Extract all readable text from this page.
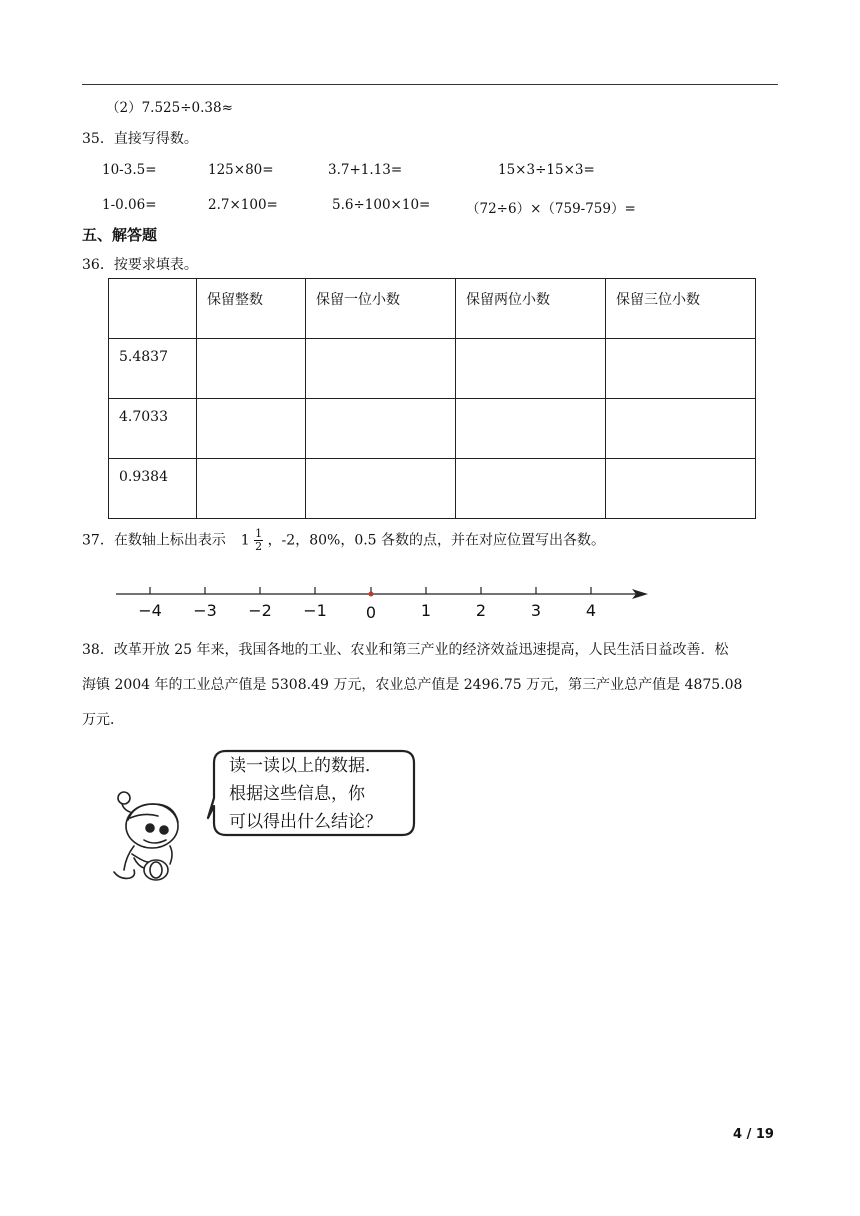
（2）7.525÷0.38≈
35．直接写得数。
10-3.5=	125×80=	3.7+1.13=	15×3÷15×3=
1-0.06=	2.7×100=	5.6÷100×10=	（72÷6）×（759-759）=
五、解答题
36．按要求填表。
	保留整数	保留一位小数	保留两位小数	保留三位小数
5.4837				
4.7033				
0.9384				
37．在数轴上标出表示 $1 \frac{1}{2}$ ，-2，80%，0.5 各数的点，并在对应位置写出各数。
−4 −3 −2 −1 0	1	2	3	4
38．改革开放 25 年来，我国各地的工业、农业和第三产业的经济效益迅速提高，人民生活日益改善．松
海镇 2004 年的工业总产值是 5308.49 万元，农业总产值是 2496.75 万元，第三产业总产值是 4875.08
万元．
读一读以上的数据．
根据这些信息，你
可以得出什么结论？
4 / 19
